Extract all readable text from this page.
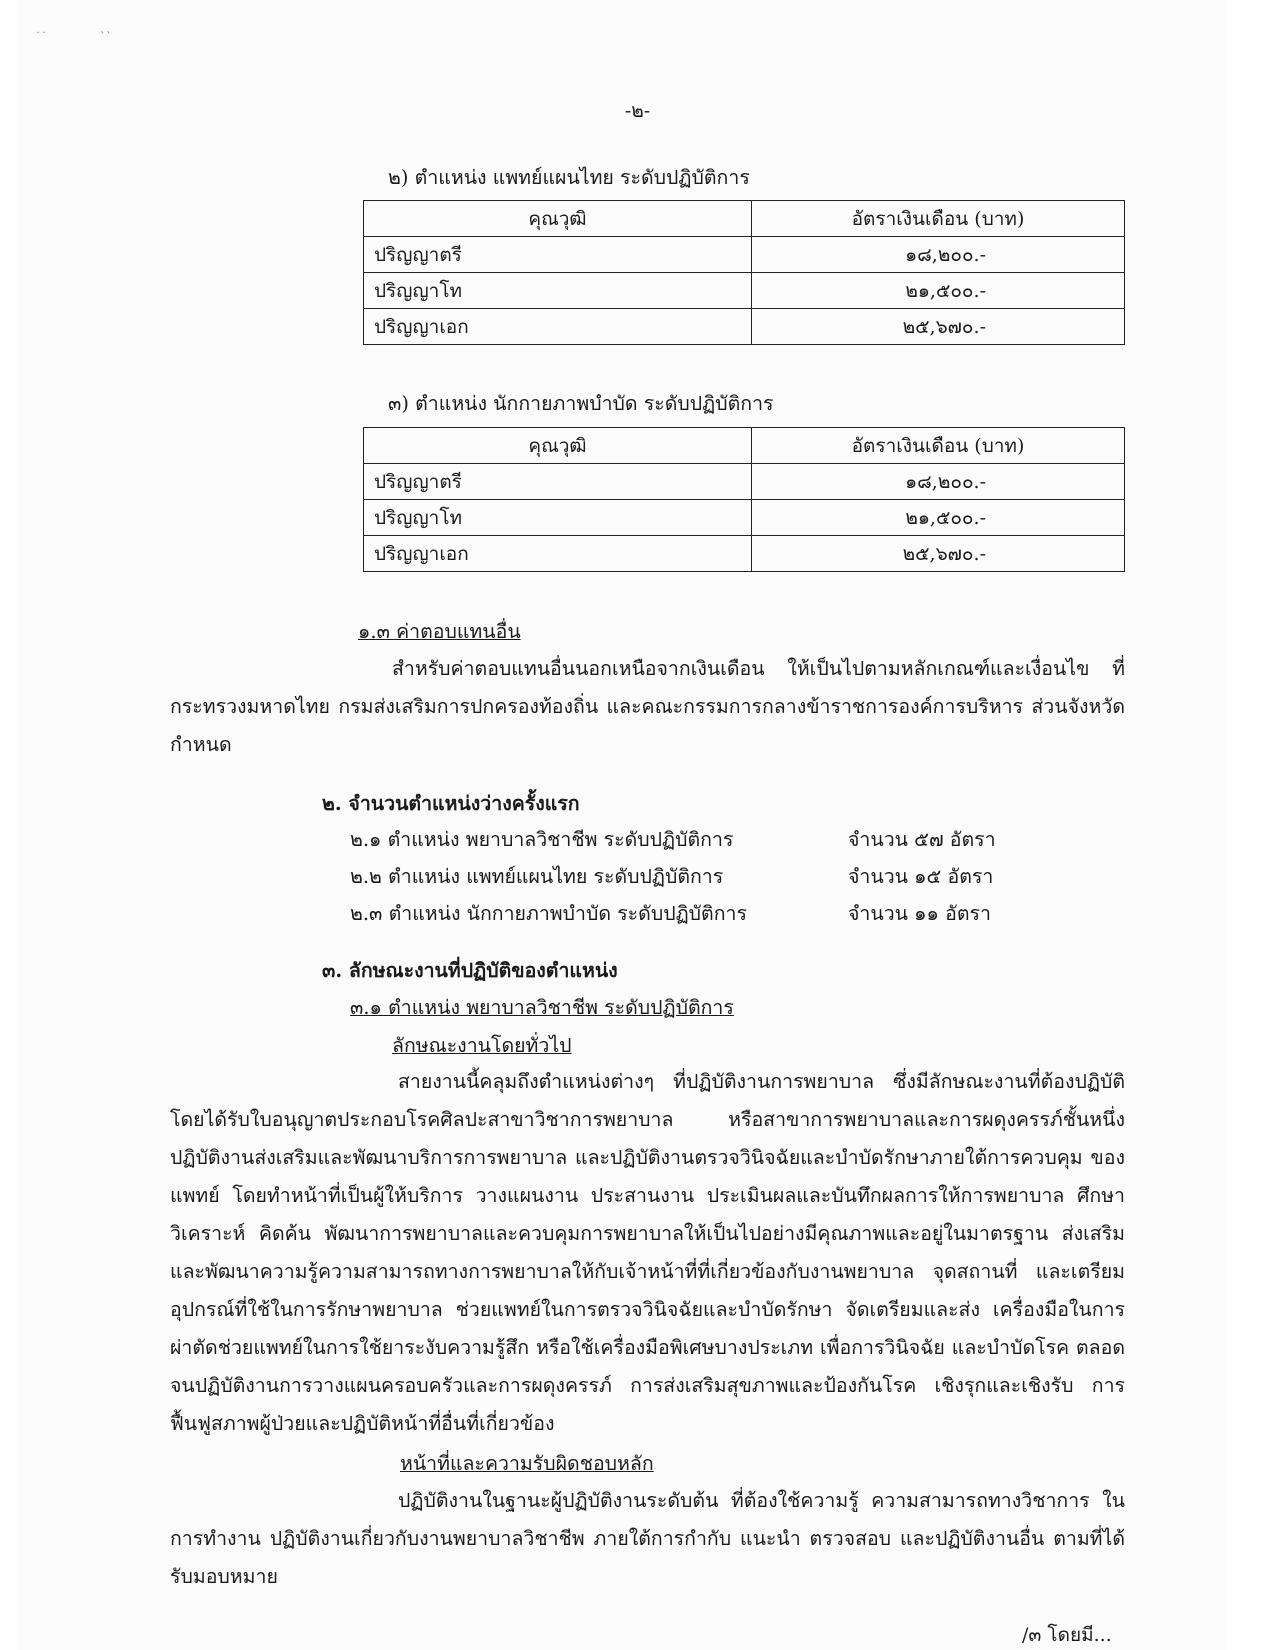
˙˙	``
-๒-
๒) ตำแหน่ง แพทย์แผนไทย ระดับปฏิบัติการ
คุณวุฒิ	อัตราเงินเดือน (บาท)
ปริญญาตรี	๑๘,๒๐๐.-
ปริญญาโท	๒๑,๕๐๐.-
ปริญญาเอก	๒๕,๖๗๐.-
๓) ตำแหน่ง นักกายภาพบำบัด ระดับปฏิบัติการ
คุณวุฒิ	อัตราเงินเดือน (บาท)
ปริญญาตรี	๑๘,๒๐๐.-
ปริญญาโท	๒๑,๕๐๐.-
ปริญญาเอก	๒๕,๖๗๐.-
๑.๓ ค่าตอบแทนอื่น
สำหรับค่าตอบแทนอื่นนอกเหนือจากเงินเดือน ให้เป็นไปตามหลักเกณฑ์และเงื่อนไข ที่กระทรวงมหาดไทย กรมส่งเสริมการปกครองท้องถิ่น และคณะกรรมการกลางข้าราชการองค์การบริหาร ส่วนจังหวัด กำหนด
๒. จำนวนตำแหน่งว่างครั้งแรก
๒.๑ ตำแหน่ง พยาบาลวิชาชีพ ระดับปฏิบัติการ	จำนวน ๕๗ อัตรา
๒.๒ ตำแหน่ง แพทย์แผนไทย ระดับปฏิบัติการ	จำนวน ๑๕ อัตรา
๒.๓ ตำแหน่ง นักกายภาพบำบัด ระดับปฏิบัติการ	จำนวน ๑๑ อัตรา
๓. ลักษณะงานที่ปฏิบัติของตำแหน่ง
๓.๑ ตำแหน่ง พยาบาลวิชาชีพ ระดับปฏิบัติการ
ลักษณะงานโดยทั่วไป
สายงานนี้คลุมถึงตำแหน่งต่างๆ ที่ปฏิบัติงานการพยาบาล ซึ่งมีลักษณะงานที่ต้องปฏิบัติ โดยได้รับใบอนุญาตประกอบโรคศิลปะสาขาวิชาการพยาบาล หรือสาขาการพยาบาลและการผดุงครรภ์ชั้นหนึ่ง ปฏิบัติงานส่งเสริมและพัฒนาบริการการพยาบาล และปฏิบัติงานตรวจวินิจฉัยและบำบัดรักษาภายใต้การควบคุม ของแพทย์ โดยทำหน้าที่เป็นผู้ให้บริการ วางแผนงาน ประสานงาน ประเมินผลและบันทึกผลการให้การพยาบาล ศึกษา วิเคราะห์ คิดค้น พัฒนาการพยาบาลและควบคุมการพยาบาลให้เป็นไปอย่างมีคุณภาพและอยู่ในมาตรฐาน ส่งเสริมและพัฒนาความรู้ความสามารถทางการพยาบาลให้กับเจ้าหน้าที่ที่เกี่ยวข้องกับงานพยาบาล จุดสถานที่ และเตรียมอุปกรณ์ที่ใช้ในการรักษาพยาบาล ช่วยแพทย์ในการตรวจวินิจฉัยและบำบัดรักษา จัดเตรียมและส่ง เครื่องมือในการผ่าตัดช่วยแพทย์ในการใช้ยาระงับความรู้สึก หรือใช้เครื่องมือพิเศษบางประเภท เพื่อการวินิจฉัย และบำบัดโรค ตลอดจนปฏิบัติงานการวางแผนครอบครัวและการผดุงครรภ์ การส่งเสริมสุขภาพและป้องกันโรค เชิงรุกและเชิงรับ การฟื้นฟูสภาพผู้ป่วยและปฏิบัติหน้าที่อื่นที่เกี่ยวข้อง
หน้าที่และความรับผิดชอบหลัก
ปฏิบัติงานในฐานะผู้ปฏิบัติงานระดับต้น ที่ต้องใช้ความรู้ ความสามารถทางวิชาการ ในการทำงาน ปฏิบัติงานเกี่ยวกับงานพยาบาลวิชาชีพ ภายใต้การกำกับ แนะนำ ตรวจสอบ และปฏิบัติงานอื่น ตามที่ได้รับมอบหมาย
/๓ โดยมี...
